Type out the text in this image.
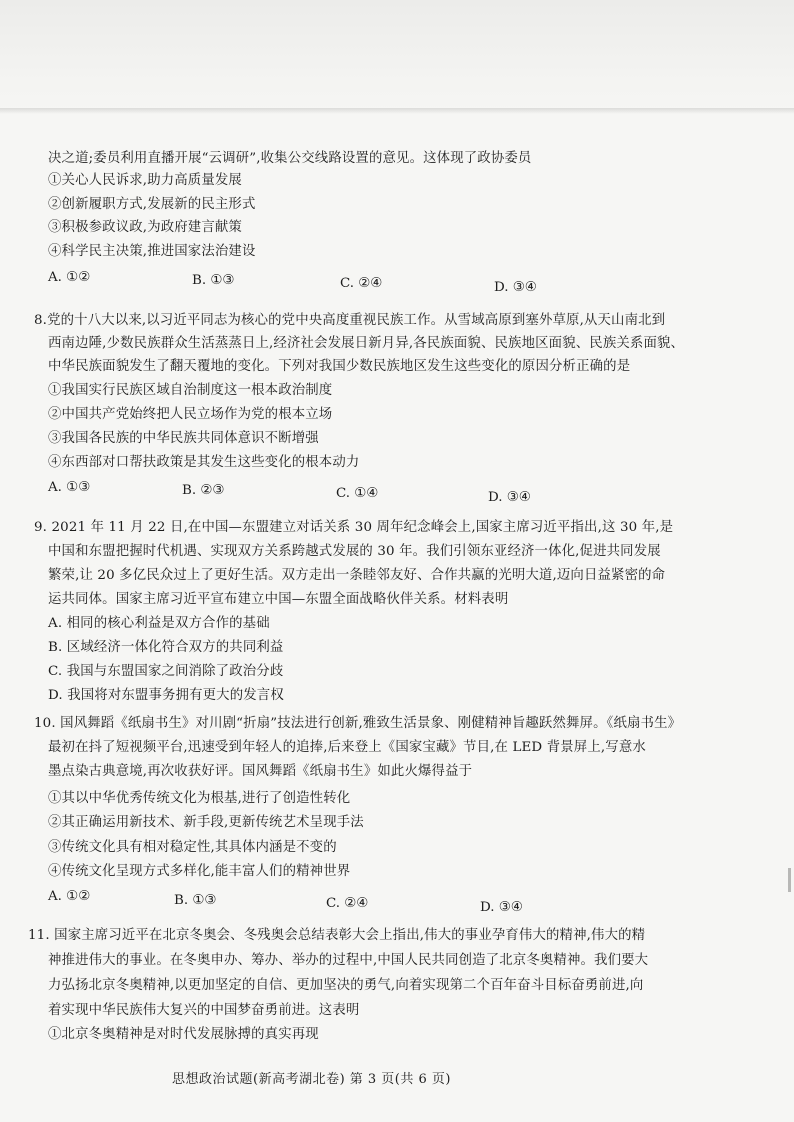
决之道;委员利用直播开展“云调研”,收集公交线路设置的意见。这体现了政协委员
①关心人民诉求,助力高质量发展
②创新履职方式,发展新的民主形式
③积极参政议政,为政府建言献策
④科学民主决策,推进国家法治建设
A. ①②	B. ①③	C. ②④	D. ③④
8.党的十八大以来,以习近平同志为核心的党中央高度重视民族工作。从雪域高原到塞外草原,从天山南北到
西南边陲,少数民族群众生活蒸蒸日上,经济社会发展日新月异,各民族面貌、民族地区面貌、民族关系面貌、
中华民族面貌发生了翻天覆地的变化。下列对我国少数民族地区发生这些变化的原因分析正确的是
①我国实行民族区域自治制度这一根本政治制度
②中国共产党始终把人民立场作为党的根本立场
③我国各民族的中华民族共同体意识不断增强
④东西部对口帮扶政策是其发生这些变化的根本动力
A. ①③	B. ②③	C. ①④	D. ③④
9. 2021 年 11 月 22 日,在中国—东盟建立对话关系 30 周年纪念峰会上,国家主席习近平指出,这 30 年,是
中国和东盟把握时代机遇、实现双方关系跨越式发展的 30 年。我们引领东亚经济一体化,促进共同发展
繁荣,让 20 多亿民众过上了更好生活。双方走出一条睦邻友好、合作共赢的光明大道,迈向日益紧密的命
运共同体。国家主席习近平宣布建立中国—东盟全面战略伙伴关系。材料表明
A. 相同的核心利益是双方合作的基础
B. 区域经济一体化符合双方的共同利益
C. 我国与东盟国家之间消除了政治分歧
D. 我国将对东盟事务拥有更大的发言权
10. 国风舞蹈《纸扇书生》对川剧“折扇”技法进行创新,雅致生活景象、刚健精神旨趣跃然舞屏。《纸扇书生》
最初在抖了短视频平台,迅速受到年轻人的追捧,后来登上《国家宝藏》节目,在 LED 背景屏上,写意水
墨点染古典意境,再次收获好评。国风舞蹈《纸扇书生》如此火爆得益于
①其以中华优秀传统文化为根基,进行了创造性转化
②其正确运用新技术、新手段,更新传统艺术呈现手法
③传统文化具有相对稳定性,其具体内涵是不变的
④传统文化呈现方式多样化,能丰富人们的精神世界
A. ①②	B. ①③	C. ②④	D. ③④
11. 国家主席习近平在北京冬奥会、冬残奥会总结表彰大会上指出,伟大的事业孕育伟大的精神,伟大的精
神推进伟大的事业。在冬奥申办、筹办、举办的过程中,中国人民共同创造了北京冬奥精神。我们要大
力弘扬北京冬奥精神,以更加坚定的自信、更加坚决的勇气,向着实现第二个百年奋斗目标奋勇前进,向
着实现中华民族伟大复兴的中国梦奋勇前进。这表明
①北京冬奥精神是对时代发展脉搏的真实再现
思想政治试题(新高考湖北卷) 第 3 页(共 6 页)
